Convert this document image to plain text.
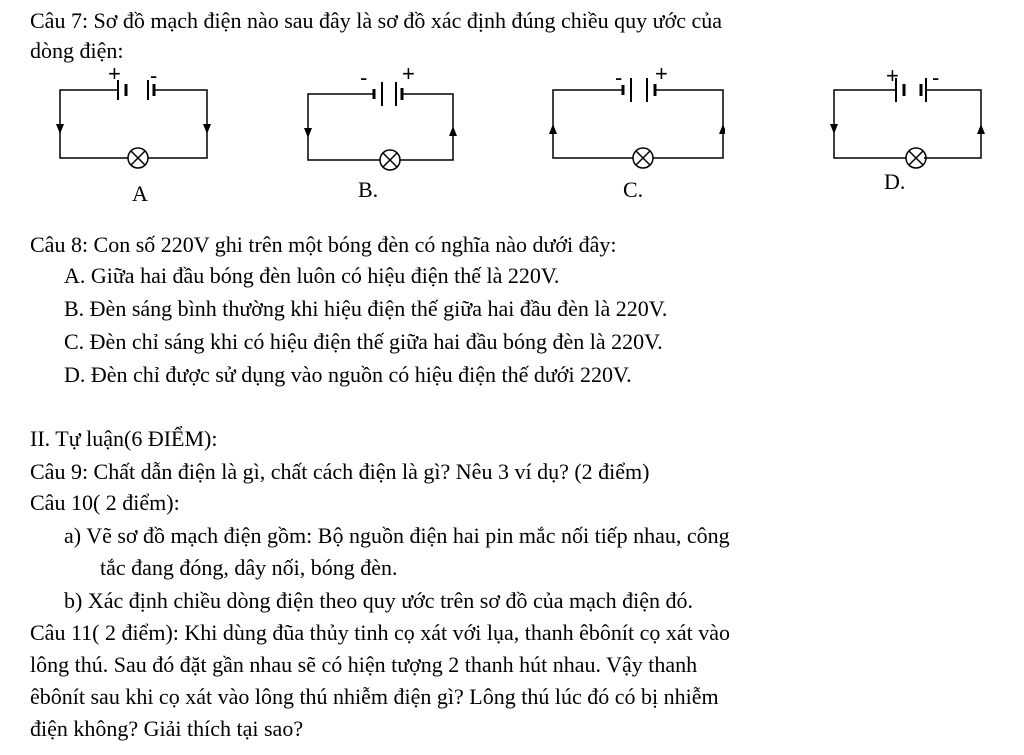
Câu 7: Sơ đồ mạch điện nào sau đây là sơ đồ xác định đúng chiều quy ước của
dòng điện:
+ -
A
- +
B.
- +
C.
+ -
D.
Câu 8: Con số 220V ghi trên một bóng đèn có nghĩa nào dưới đây:
A. Giữa hai đầu bóng đèn luôn có hiệu điện thế là 220V.
B. Đèn sáng bình thường khi hiệu điện thế giữa hai đầu đèn là 220V.
C. Đèn chỉ sáng khi có hiệu điện thế giữa hai đầu bóng đèn là 220V.
D. Đèn chỉ được sử dụng vào nguồn có hiệu điện thế dưới 220V.
II. Tự luận(6 ĐIỂM):
Câu 9: Chất dẫn điện là gì, chất cách điện là gì? Nêu 3 ví dụ? (2 điểm)
Câu 10( 2 điểm):
a) Vẽ sơ đồ mạch điện gồm: Bộ nguồn điện hai pin mắc nối tiếp nhau, công
tắc đang đóng, dây nối, bóng đèn.
b) Xác định chiều dòng điện theo quy ước trên sơ đồ của mạch điện đó.
Câu 11( 2 điểm): Khi dùng đũa thủy tinh cọ xát với lụa, thanh êbônít cọ xát vào
lông thú. Sau đó đặt gần nhau sẽ có hiện tượng 2 thanh hút nhau. Vậy thanh
êbônít sau khi cọ xát vào lông thú nhiễm điện gì? Lông thú lúc đó có bị nhiễm
điện không? Giải thích tại sao?
